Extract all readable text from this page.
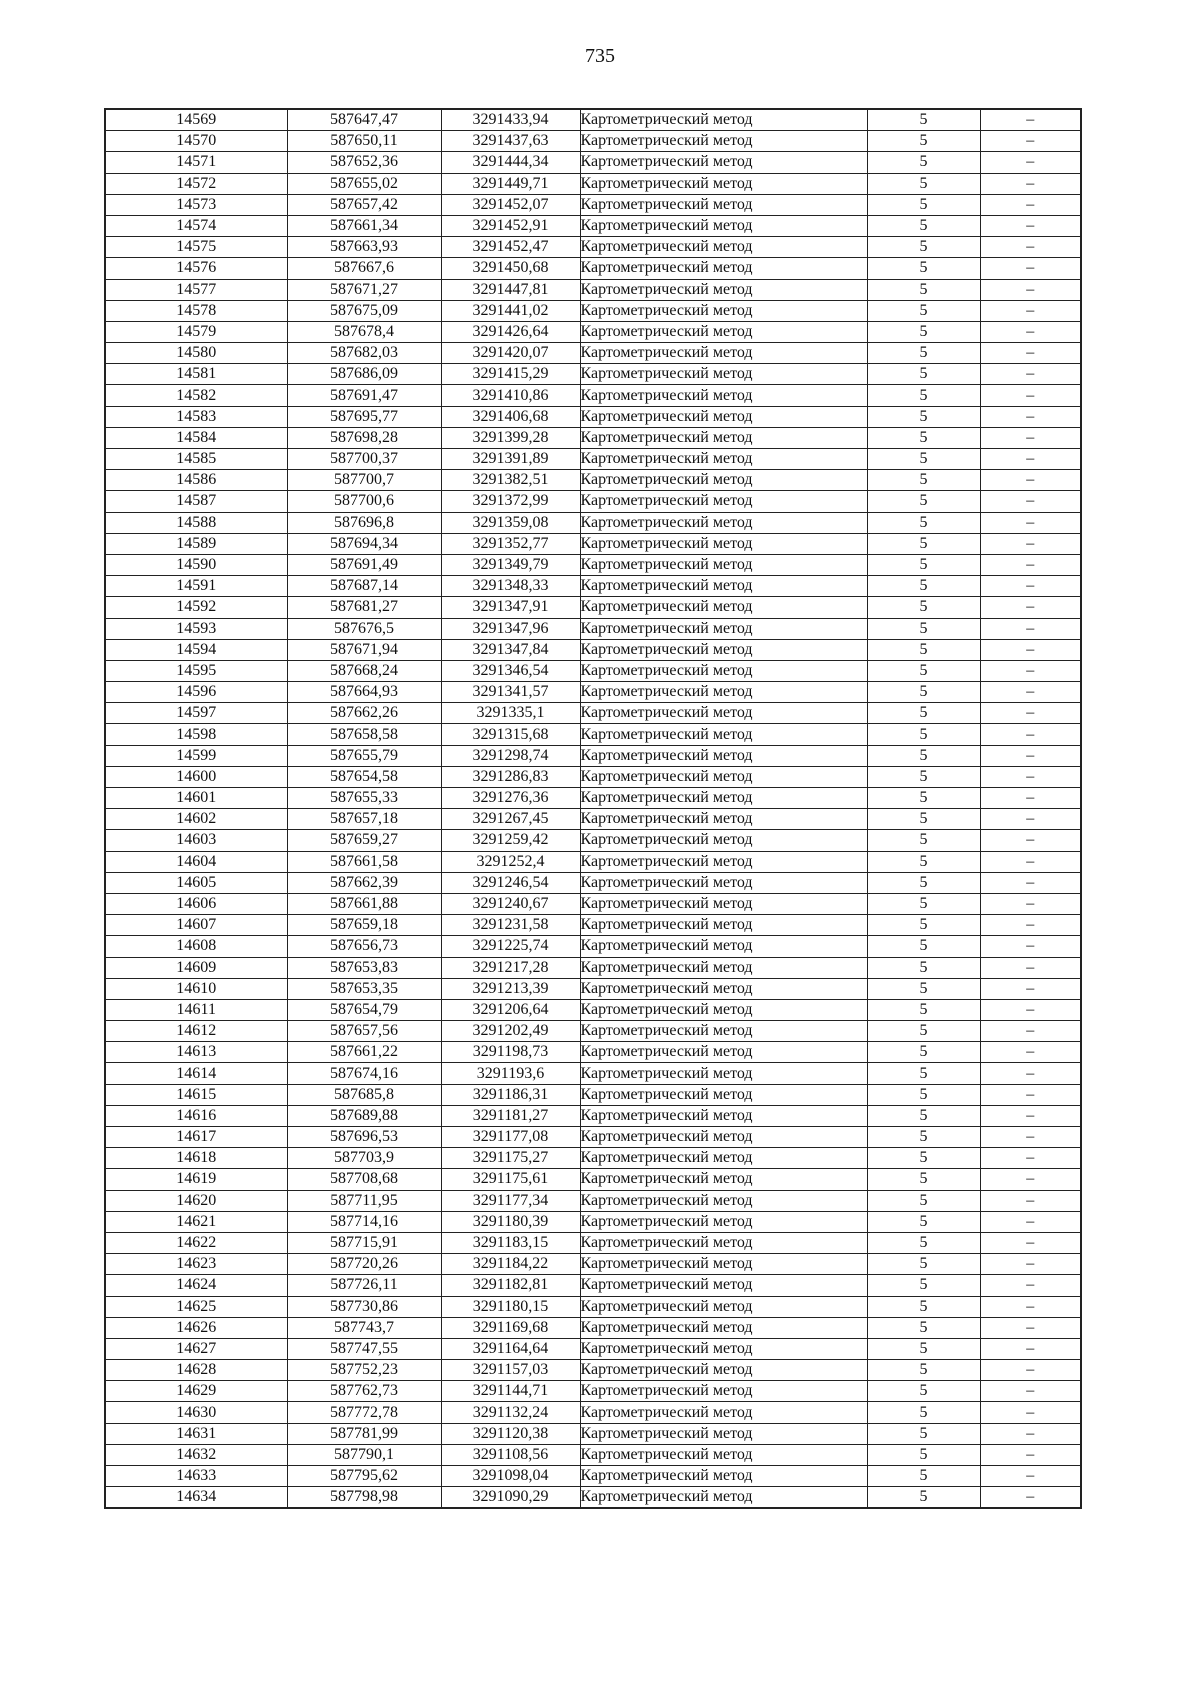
735
14569	587647,47	3291433,94	Картометрический метод	5	–
14570	587650,11	3291437,63	Картометрический метод	5	–
14571	587652,36	3291444,34	Картометрический метод	5	–
14572	587655,02	3291449,71	Картометрический метод	5	–
14573	587657,42	3291452,07	Картометрический метод	5	–
14574	587661,34	3291452,91	Картометрический метод	5	–
14575	587663,93	3291452,47	Картометрический метод	5	–
14576	587667,6	3291450,68	Картометрический метод	5	–
14577	587671,27	3291447,81	Картометрический метод	5	–
14578	587675,09	3291441,02	Картометрический метод	5	–
14579	587678,4	3291426,64	Картометрический метод	5	–
14580	587682,03	3291420,07	Картометрический метод	5	–
14581	587686,09	3291415,29	Картометрический метод	5	–
14582	587691,47	3291410,86	Картометрический метод	5	–
14583	587695,77	3291406,68	Картометрический метод	5	–
14584	587698,28	3291399,28	Картометрический метод	5	–
14585	587700,37	3291391,89	Картометрический метод	5	–
14586	587700,7	3291382,51	Картометрический метод	5	–
14587	587700,6	3291372,99	Картометрический метод	5	–
14588	587696,8	3291359,08	Картометрический метод	5	–
14589	587694,34	3291352,77	Картометрический метод	5	–
14590	587691,49	3291349,79	Картометрический метод	5	–
14591	587687,14	3291348,33	Картометрический метод	5	–
14592	587681,27	3291347,91	Картометрический метод	5	–
14593	587676,5	3291347,96	Картометрический метод	5	–
14594	587671,94	3291347,84	Картометрический метод	5	–
14595	587668,24	3291346,54	Картометрический метод	5	–
14596	587664,93	3291341,57	Картометрический метод	5	–
14597	587662,26	3291335,1	Картометрический метод	5	–
14598	587658,58	3291315,68	Картометрический метод	5	–
14599	587655,79	3291298,74	Картометрический метод	5	–
14600	587654,58	3291286,83	Картометрический метод	5	–
14601	587655,33	3291276,36	Картометрический метод	5	–
14602	587657,18	3291267,45	Картометрический метод	5	–
14603	587659,27	3291259,42	Картометрический метод	5	–
14604	587661,58	3291252,4	Картометрический метод	5	–
14605	587662,39	3291246,54	Картометрический метод	5	–
14606	587661,88	3291240,67	Картометрический метод	5	–
14607	587659,18	3291231,58	Картометрический метод	5	–
14608	587656,73	3291225,74	Картометрический метод	5	–
14609	587653,83	3291217,28	Картометрический метод	5	–
14610	587653,35	3291213,39	Картометрический метод	5	–
14611	587654,79	3291206,64	Картометрический метод	5	–
14612	587657,56	3291202,49	Картометрический метод	5	–
14613	587661,22	3291198,73	Картометрический метод	5	–
14614	587674,16	3291193,6	Картометрический метод	5	–
14615	587685,8	3291186,31	Картометрический метод	5	–
14616	587689,88	3291181,27	Картометрический метод	5	–
14617	587696,53	3291177,08	Картометрический метод	5	–
14618	587703,9	3291175,27	Картометрический метод	5	–
14619	587708,68	3291175,61	Картометрический метод	5	–
14620	587711,95	3291177,34	Картометрический метод	5	–
14621	587714,16	3291180,39	Картометрический метод	5	–
14622	587715,91	3291183,15	Картометрический метод	5	–
14623	587720,26	3291184,22	Картометрический метод	5	–
14624	587726,11	3291182,81	Картометрический метод	5	–
14625	587730,86	3291180,15	Картометрический метод	5	–
14626	587743,7	3291169,68	Картометрический метод	5	–
14627	587747,55	3291164,64	Картометрический метод	5	–
14628	587752,23	3291157,03	Картометрический метод	5	–
14629	587762,73	3291144,71	Картометрический метод	5	–
14630	587772,78	3291132,24	Картометрический метод	5	–
14631	587781,99	3291120,38	Картометрический метод	5	–
14632	587790,1	3291108,56	Картометрический метод	5	–
14633	587795,62	3291098,04	Картометрический метод	5	–
14634	587798,98	3291090,29	Картометрический метод	5	–
